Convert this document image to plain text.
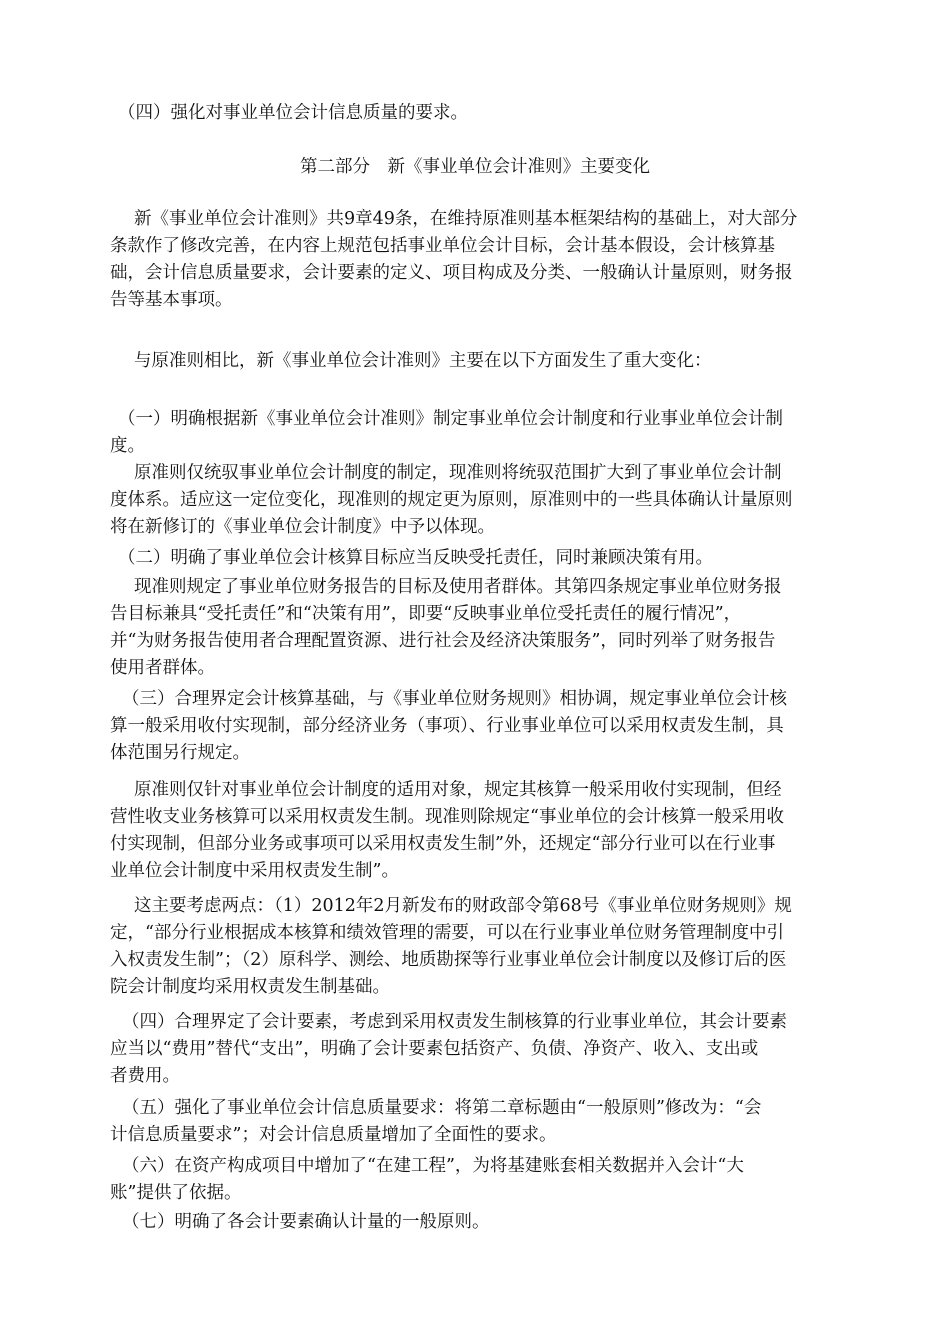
（四）强化对事业单位会计信息质量的要求。

第二部分　新《事业单位会计准则》主要变化

新《事业单位会计准则》共9章49条，在维持原准则基本框架结构的基础上，对大部分
条款作了修改完善，在内容上规范包括事业单位会计目标，会计基本假设，会计核算基
础，会计信息质量要求，会计要素的定义、项目构成及分类、一般确认计量原则，财务报
告等基本事项。

与原准则相比，新《事业单位会计准则》主要在以下方面发生了重大变化：

（一）明确根据新《事业单位会计准则》制定事业单位会计制度和行业事业单位会计制
度。

原准则仅统驭事业单位会计制度的制定，现准则将统驭范围扩大到了事业单位会计制
度体系。适应这一定位变化，现准则的规定更为原则，原准则中的一些具体确认计量原则
将在新修订的《事业单位会计制度》中予以体现。

（二）明确了事业单位会计核算目标应当反映受托责任，同时兼顾决策有用。

现准则规定了事业单位财务报告的目标及使用者群体。其第四条规定事业单位财务报
告目标兼具“受托责任”和“决策有用”，即要“反映事业单位受托责任的履行情况”，
并“为财务报告使用者合理配置资源、进行社会及经济决策服务”，同时列举了财务报告
使用者群体。

（三）合理界定会计核算基础，与《事业单位财务规则》相协调，规定事业单位会计核
算一般采用收付实现制，部分经济业务（事项）、行业事业单位可以采用权责发生制，具
体范围另行规定。

原准则仅针对事业单位会计制度的适用对象，规定其核算一般采用收付实现制，但经
营性收支业务核算可以采用权责发生制。现准则除规定“事业单位的会计核算一般采用收
付实现制，但部分业务或事项可以采用权责发生制”外，还规定“部分行业可以在行业事
业单位会计制度中采用权责发生制”。

这主要考虑两点：（1）2012年2月新发布的财政部令第68号《事业单位财务规则》规
定，“部分行业根据成本核算和绩效管理的需要，可以在行业事业单位财务管理制度中引
入权责发生制”；（2）原科学、测绘、地质勘探等行业事业单位会计制度以及修订后的医
院会计制度均采用权责发生制基础。

（四）合理界定了会计要素，考虑到采用权责发生制核算的行业事业单位，其会计要素
应当以“费用”替代“支出”，明确了会计要素包括资产、负债、净资产、收入、支出或
者费用。

（五）强化了事业单位会计信息质量要求：将第二章标题由“一般原则”修改为：“会
计信息质量要求”；对会计信息质量增加了全面性的要求。

（六）在资产构成项目中增加了“在建工程”，为将基建账套相关数据并入会计“大
账”提供了依据。

（七）明确了各会计要素确认计量的一般原则。
